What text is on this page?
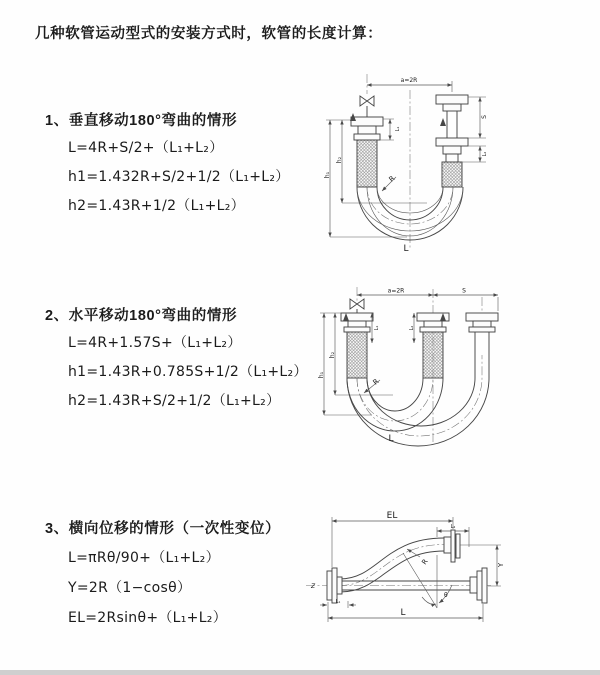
几种软管运动型式的安装方式时，软管的长度计算：
1、垂直移动180°弯曲的情形
L=4R+S/2+（L₁+L₂）
h1=1.432R+S/2+1/2（L₁+L₂）
h2=1.43R+1/2（L₁+L₂）
a=2R
L₁
h₂
h₁
S
L₂
R
L
2、水平移动180°弯曲的情形
L=4R+1.57S+（L₁+L₂）
h1=1.43R+0.785S+1/2（L₁+L₂）
h2=1.43R+S/2+1/2（L₁+L₂）
a=2R	S
L₁	L₂
h₂
h₁
R
L
3、横向位移的情形（一次性变位）
L=πRθ/90+（L₁+L₂）
Y=2R（1−cosθ）
EL=2Rsinθ+（L₁+L₂）
EL
L₂
Z
Y
R
θ
L₁
L
